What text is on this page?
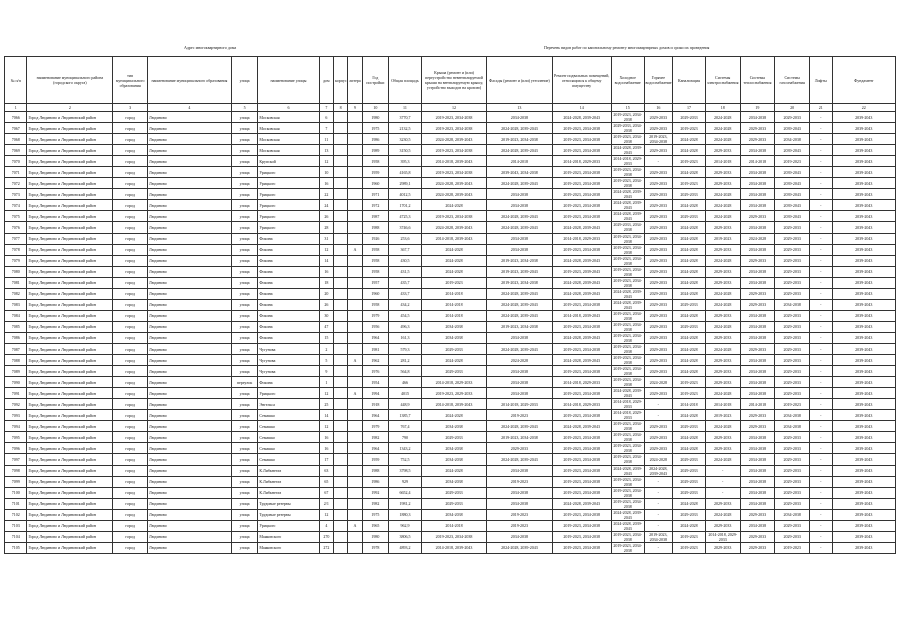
Адрес многоквартирного дома	Перечень видов работ по капитальному ремонту многоквартирных домов и сроки их проведения
№ п/п	наименование муниципального района (городского округа)	тип муниципального образования	наименование муниципального образования	улица	наименование улицы	дом	корпус	литера	Год постройки	Общая площадь	Крыша (ремонт и (или) переустройство невентилируемой крыши на вентилируемую крышу, устройство выходов на кровлю)	Фасады (ремонт и (или) утепление)	Ремонт подвальных помещений, относящихся к общему имуществу	Холодное водоснабжение	Горячее водоснабжение	Канализация	Системы электроснабжения	Системы теплоснабжения	Системы газоснабжения	Лифты	Фундамент
1	2	3	4	5	6	7	8	9	10	11	12	13	14	15	16	17	18	19	20	21	22
7066	Город Людиново и Людиновский район	город	Людиново	улица	Московская	6			1980	3770,7	2019-2023, 2034-2038	2034-2038	2024-2028, 2039-2043	2019-2023, 2034-2038	2029-2033	2029-2033	2024-2028	2034-2038	2029-2033	-	2039-2043
7067	Город Людиново и Людиновский район	город	Людиново	улица	Московская	7			1975	2132,5	2019-2023, 2034-2038	2024-2028, 2039-2043	2019-2023, 2034-2038	2029-2033, 2034-2038	2029-2033	2019-2023	2024-2028	2029-2033	2039-2043	-	2039-2043
7068	Город Людиново и Людиновский район	город	Людиново	улица	Московская	11			1986	3230,5	2024-2028, 2039-2043	2019-2023, 2034-2038	2019-2023, 2034-2038	2019-2023, 2034-2038	2019-2023, 2034-2038	2024-2028	2024-2028	2029-2033	2034-2038	-	2039-2043
7069	Город Людиново и Людиновский район	город	Людиново	улица	Московская	13			1989	3150,5	2019-2023, 2034-2038	2024-2028, 2039-2043	2019-2023, 2034-2038	2024-2028, 2039-2043	2029-2033	2024-2028	2029-2033	2034-2038	2039-2043	-	2039-2043
7070	Город Людиново и Людиновский район	город	Людиново	улица	Крупской	12			1958	395,3	2014-2018, 2039-2043	2014-2018	2014-2018, 2029-2033	2014-2018, 2029-2033	-	2019-2023	2014-2018	2014-2018	2019-2023	-	2039-2043
7071	Город Людиново и Людиновский район	город	Людиново	улица	Урицкого	10			1959	4165,8	2019-2023, 2034-2038	2039-2043, 2034-2038	2019-2023, 2034-2038	2019-2023, 2034-2038	2029-2033	2024-2028	2029-2033	2034-2038	2039-2043	-	2039-2043
7072	Город Людиново и Людиновский район	город	Людиново	улица	Урицкого	16			1960	2989,1	2024-2028, 2039-2043	2024-2028, 2039-2043	2019-2023, 2034-2038	2019-2023, 2034-2038	2029-2033	2019-2023	2029-2033	2034-2038	2039-2043	-	2039-2043
7073	Город Людиново и Людиновский район	город	Людиново	улица	Урицкого	22			1971	4012,5	2024-2028, 2039-2043	2034-2038	2019-2023, 2034-2038	2024-2028, 2039-2043	2029-2033	2029-2033	2024-2028	2034-2038	2039-2043	-	2039-2043
7074	Город Людиново и Людиновский район	город	Людиново	улица	Урицкого	24			1972	1701,2	2024-2028	2034-2038	2019-2023, 2034-2038	2024-2028, 2039-2043	2029-2033	2024-2028	2024-2028	2034-2038	2039-2043	-	2039-2043
7075	Город Людиново и Людиновский район	город	Людиново	улица	Урицкого	26			1987	4725,3	2019-2023, 2034-2038	2024-2028, 2039-2043	2019-2023, 2034-2038	2024-2028, 2039-2043	2029-2033	2029-2033	2024-2028	2029-2033	2039-2043	-	2039-2043
7076	Город Людиново и Людиновский район	город	Людиново	улица	Урицкого	28			1988	3746,6	2024-2028, 2039-2043	2024-2028, 2039-2043	2024-2028, 2039-2043	2029-2033, 2034-2038	2029-2033	2024-2028	2029-2033	2034-2038	2029-2033	-	2039-2043
7077	Город Людиново и Людиновский район	город	Людиново	улица	Фокина	31			1926	253,6	2014-2018, 2039-2043	2034-2038	2014-2018, 2029-2033	2019-2023, 2034-2038	2029-2033	2024-2028	2019-2023	2024-2028	2029-2033	-	2039-2043
7078	Город Людиново и Людиновский район	город	Людиново	улица	Фокина	12		А	1958	367,7	2024-2028	2034-2038	2019-2023, 2034-2038	2019-2023, 2034-2038	2029-2033	2024-2028	2029-2033	2034-2038	2029-2033	-	2039-2043
7079	Город Людиново и Людиновский район	город	Людиново	улица	Фокина	14			1958	430,5	2024-2028	2019-2023, 2034-2038	2024-2028, 2039-2043	2019-2023, 2034-2038	2029-2033	2024-2028	2024-2028	2029-2033	2029-2033	-	2039-2043
7080	Город Людиново и Людиновский район	город	Людиново	улица	Фокина	16			1958	431,5	2024-2028	2019-2023, 2039-2043	2019-2023, 2039-2043	2019-2023, 2034-2038	2029-2033	2024-2028	2029-2033	2034-2038	2029-2033	-	2039-2043
7081	Город Людиново и Людиновский район	город	Людиново	улица	Фокина	18			1957	435,7	2019-2023	2019-2023, 2034-2038	2024-2028, 2039-2043	2019-2023, 2034-2038	2029-2033	2024-2028	2029-2033	2034-2038	2029-2033	-	2039-2043
7082	Город Людиново и Людиновский район	город	Людиново	улица	Фокина	20			1960	433,7	2014-2018	2024-2028, 2039-2043	2024-2028, 2039-2043	2024-2028, 2039-2043	2029-2033	2024-2028	2024-2028	2029-2033	2029-2033	-	2039-2043
7083	Город Людиново и Людиновский район	город	Людиново	улица	Фокина	26			1958	434,2	2014-2018	2024-2028, 2039-2043	2019-2023, 2034-2038	2024-2028, 2039-2043	2029-2033	2029-2033	2024-2028	2029-2033	2034-2038	-	2039-2043
7084	Город Людиново и Людиновский район	город	Людиново	улица	Фокина	30			1979	454,5	2014-2018	2024-2028, 2039-2043	2014-2018, 2039-2043	2019-2023, 2034-2038	2029-2033	2024-2028	2029-2033	2034-2038	2029-2033	-	2039-2043
7085	Город Людиново и Людиновский район	город	Людиново	улица	Фокина	47			1956	496,3	2034-2038	2019-2023, 2034-2038	2019-2023, 2034-2038	2019-2023, 2034-2038	2029-2033	2029-2033	2024-2028	2034-2038	2029-2033	-	2039-2043
7086	Город Людиново и Людиновский район	город	Людиново	улица	Фокина	15			1964	161,3	2034-2038	2034-2038	2024-2028, 2039-2043	2019-2023, 2034-2038	2029-2033	2024-2028	2029-2033	2034-2038	2029-2033	-	2039-2043
7087	Город Людиново и Людиновский район	город	Людиново	улица	Чугунова	2			1981	579,3	2029-2033	2024-2028, 2039-2043	2019-2023, 2034-2038	2019-2023, 2034-2038	2029-2033	2024-2028	2024-2028	2029-2033	2029-2033	-	2039-2043
7088	Город Людиново и Людиновский район	город	Людиново	улица	Чугунова	5		А	1962	281,2	2024-2028	2024-2028	2024-2028, 2039-2043	2019-2023, 2034-2038	2029-2033	2024-2028	2029-2033	2034-2038	2029-2033	-	2039-2043
7089	Город Людиново и Людиновский район	город	Людиново	улица	Чугунова	9			1976	564,8	2029-2033	2034-2038	2019-2023, 2034-2038	2019-2023, 2034-2038	2029-2033	2024-2028	2029-2033	2034-2038	2029-2033	-	2039-2043
7090	Город Людиново и Людиновский район	город	Людиново	переулок	Фокина	1			1954	466	2014-2018, 2029-2033	2034-2038	2014-2018, 2029-2033	2019-2023, 2034-2038	2024-2028	2019-2023	2029-2033	2034-2038	2029-2033	-	2039-2043
7091	Город Людиново и Людиновский район	город	Людиново	улица	Урицкого	12		А	1994	4015	2019-2023, 2029-2033	2034-2038	2019-2023, 2034-2038	2024-2028, 2039-2043	2029-2033	2019-2023	2024-2028	2034-2038	2029-2033	-	2039-2043
7092	Город Людиново и Людиновский район	город	Людиново	улица	Энгельса	25			1918	448,9	2014-2018, 2039-2043	2014-2018, 2029-2033	2014-2018, 2029-2033	2014-2018, 2029-2033	-	2014-2018	2014-2018	2014-2018	2019-2023	-	2039-2043
7093	Город Людиново и Людиновский район	город	Людиново	улица	Семашко	14			1964	1385,7	2024-2028	2019-2023	2019-2023, 2034-2038	2014-2018, 2029-2033	-	2024-2028	2019-2023	2029-2033	2034-2038	-	2039-2043
7094	Город Людиново и Людиновский район	город	Людиново	улица	Семашко	12			1979	767,4	2034-2038	2024-2028, 2039-2043	2024-2028, 2039-2043	2019-2023, 2034-2038	2029-2033	2029-2033	2024-2028	2029-2033	2034-2038	-	2039-2043
7095	Город Людиново и Людиновский район	город	Людиново	улица	Семашко	16			1982	790	2029-2033	2019-2023, 2034-2038	2019-2023, 2034-2038	2019-2023, 2034-2038	2029-2033	2024-2028	2029-2033	2034-2038	2029-2033	-	2039-2043
7096	Город Людиново и Людиновский район	город	Людиново	улица	Семашко	16			1964	1343,2	2034-2038	2029-2033	2019-2023, 2034-2038	2019-2023, 2034-2038	2029-2033	2024-2028	2029-2033	2034-2038	2029-2033	-	2039-2043
7097	Город Людиново и Людиновский район	город	Людиново	улица	Семашко	17			1959	752,5	2034-2038	2024-2028, 2039-2043	2019-2023, 2034-2038	2019-2023, 2034-2038	2024-2028	2029-2033	2024-2028	2034-2038	2029-2033	-	2039-2043
7098	Город Людиново и Людиновский район	город	Людиново	улица	К.Либкнехта	63			1988	3798,5	2024-2028	2034-2038	2019-2023, 2034-2038	2024-2028, 2039-2043	2024-2028, 2039-2043	2029-2033	-	2034-2038	2029-2033	-	2039-2043
7099	Город Людиново и Людиновский район	город	Людиново	улица	К.Либкнехта	65			1986	929	2034-2038	2019-2023	2019-2023, 2034-2038	2019-2023, 2034-2038	-	2029-2033	-	2034-2038	2029-2033	-	2039-2043
7100	Город Людиново и Людиновский район	город	Людиново	улица	К.Либкнехта	67			1992	6652,4	2029-2033	2034-2038	2019-2023, 2034-2038	2019-2023, 2034-2038	-	2029-2033	-	2034-2038	2029-2033	-	2039-2043
7101	Город Людиново и Людиновский район	город	Людиново	улица	Трудовые резервы	2/1			1982	1981,2	2029-2033	2034-2038	2024-2028, 2039-2043	2019-2023, 2034-2038	-	2024-2028	2029-2033	2034-2038	2029-2033	-	2039-2043
7102	Город Людиново и Людиновский район	город	Людиново	улица	Трудовые резервы	12			1975	1880,3	2034-2038	2019-2023	2019-2023, 2034-2038	2024-2028, 2039-2043	-	2029-2033	2024-2028	2029-2033	2034-2038	-	2039-2043
7103	Город Людиново и Людиновский район	город	Людиново	улица	Урицкого	4		А	1965	962,9	2014-2018	2019-2023	2019-2023, 2034-2038	2024-2028, 2039-2043	-	2024-2028	2029-2033	2034-2038	2029-2033	-	2039-2043
7104	Город Людиново и Людиновский район	город	Людиново	улица	Маяковского	270			1980	3806,5	2019-2023, 2034-2038	2034-2038	2019-2023, 2034-2038	2019-2023, 2034-2038	2019-2023, 2034-2038	2019-2023	2014-2018, 2029-2033	2029-2033	2029-2033	-	2039-2043
7105	Город Людиново и Людиновский район	город	Людиново	улица	Маяковского	272			1978	4893,2	2014-2018, 2039-2043	2024-2028, 2039-2043	2019-2023, 2034-2038	2019-2023, 2034-2038	-	2019-2023	2029-2033	2029-2033	2019-2023	-	2039-2043
